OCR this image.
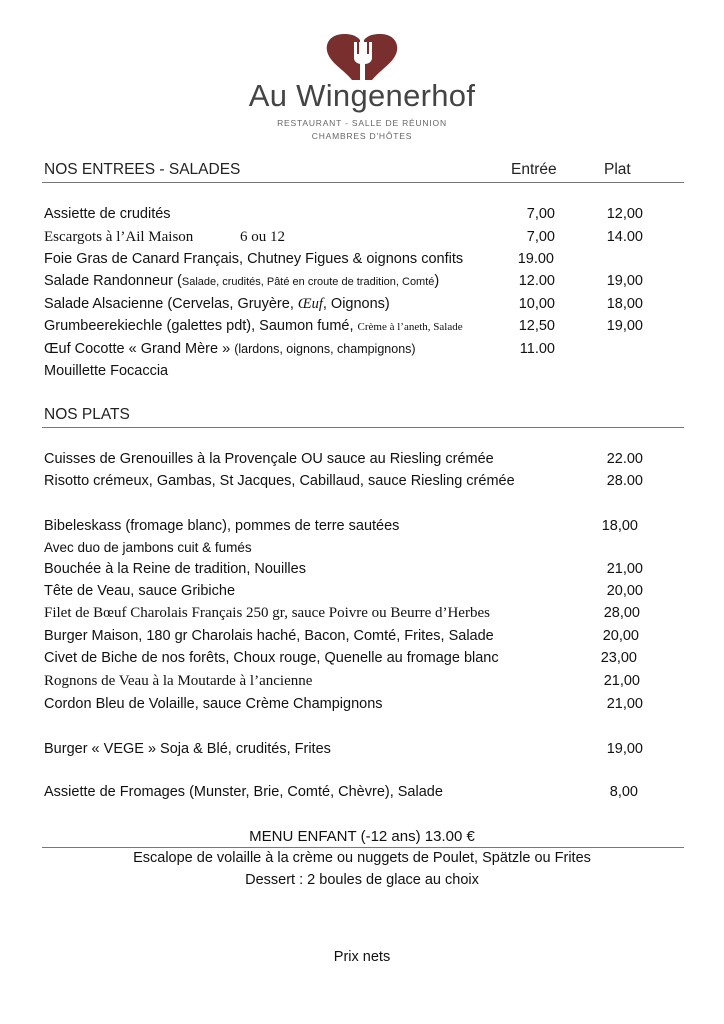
Au Wingenerhof
RESTAURANT - SALLE DE RÉUNION
CHAMBRES D'HÔTES
NOS ENTREES - SALADES	Entrée	Plat
Assiette de crudités	7,00	12,00
Escargots à l’Ail Maison	6 ou 12	7,00	14.00
Foie Gras de Canard Français, Chutney Figues & oignons confits	19.00
Salade Randonneur (Salade, crudités, Pâté en croute de tradition, Comté)	12.00	19,00
Salade Alsacienne (Cervelas, Gruyère, Œuf, Oignons)	10,00	18,00
Grumbeerekiechle (galettes pdt), Saumon fumé, Crème à l’aneth, Salade	12,50	19,00
Œuf Cocotte « Grand Mère » (lardons, oignons, champignons)	11.00
Mouillette Focaccia
NOS PLATS
Cuisses de Grenouilles à la Provençale OU sauce au Riesling crémée	22.00
Risotto crémeux, Gambas, St Jacques, Cabillaud, sauce Riesling crémée	28.00
Bibeleskass (fromage blanc), pommes de terre sautées	18,00
Avec duo de jambons cuit & fumés
Bouchée à la Reine de tradition, Nouilles	21,00
Tête de Veau, sauce Gribiche	20,00
Filet de Bœuf Charolais Français 250 gr, sauce Poivre ou Beurre d’Herbes	28,00
Burger Maison, 180 gr Charolais haché, Bacon, Comté, Frites, Salade	20,00
Civet de Biche de nos forêts, Choux rouge, Quenelle au fromage blanc	23,00
Rognons de Veau à la Moutarde à l’ancienne	21,00
Cordon Bleu de Volaille, sauce Crème Champignons	21,00
Burger « VEGE » Soja & Blé, crudités, Frites	19,00
Assiette de Fromages (Munster, Brie, Comté, Chèvre), Salade	8,00
MENU ENFANT (-12 ans) 13.00 €
Escalope de volaille à la crème ou nuggets de Poulet, Spätzle ou Frites
Dessert : 2 boules de glace au choix
Prix nets
